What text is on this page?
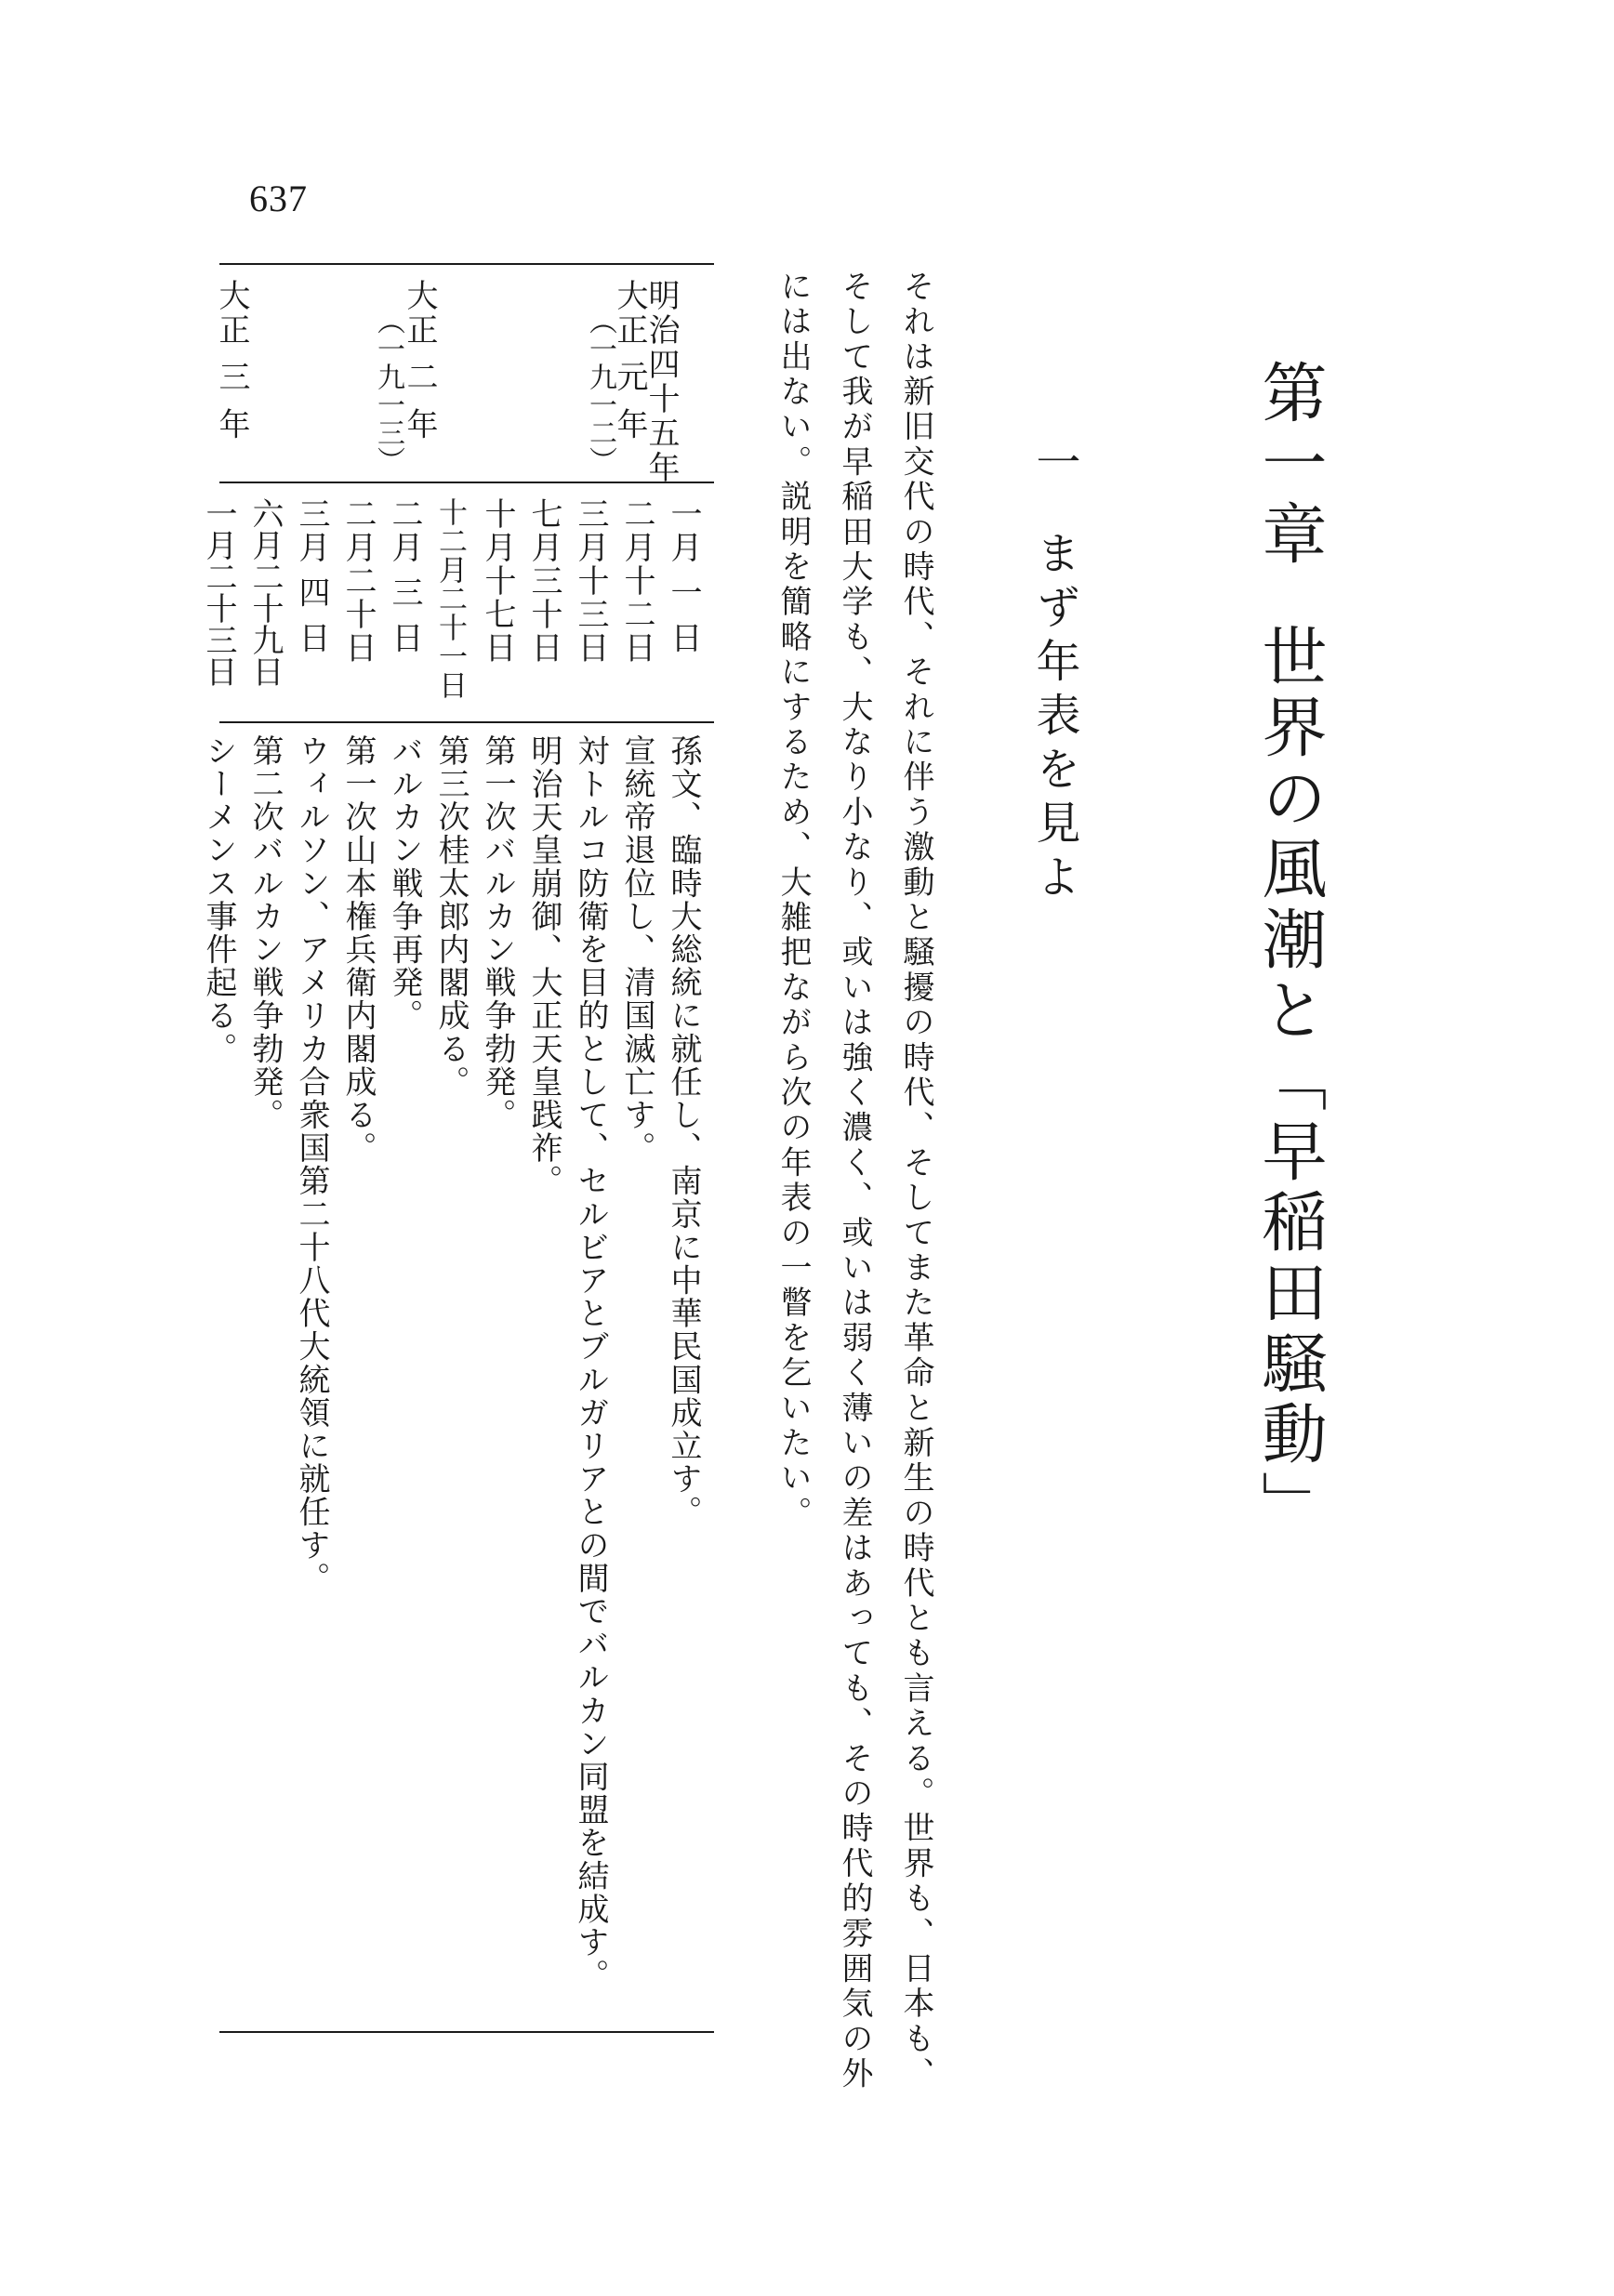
637
第一章世界の風潮と「早稲田騒動」
一まず年表を見よ
それは新旧交代の時代、それに伴う激動と騒擾の時代、そしてまた革命と新生の時代とも言える。世界も、日本も、
そして我が早稲田大学も、大なり小なり、或いは強く濃く、或いは弱く薄いの差はあっても、その時代的雰囲気の外
には出ない。説明を簡略にするため、大雑把ながら次の年表の一瞥を乞いたい。
明治四十五年
大正 元 年
（一九一二）
大正 二 年
（一九一三）
大正 三 年
一月 一 日
二月十二日
三月十三日
七月三十日
十月十七日
十二月二十一日
二月 三 日
二月二十日
三月 四 日
六月二十九日
一月二十三日
孫文、臨時大総統に就任し、南京に中華民国成立す。
宣統帝退位し、清国滅亡す。
対トルコ防衛を目的として、セルビアとブルガリアとの間でバルカン同盟を結成す。
明治天皇崩御、大正天皇践祚。
第一次バルカン戦争勃発。
第三次桂太郎内閣成る。
バルカン戦争再発。
第一次山本権兵衛内閣成る。
ウィルソン、アメリカ合衆国第二十八代大統領に就任す。
第二次バルカン戦争勃発。
シーメンス事件起る。
